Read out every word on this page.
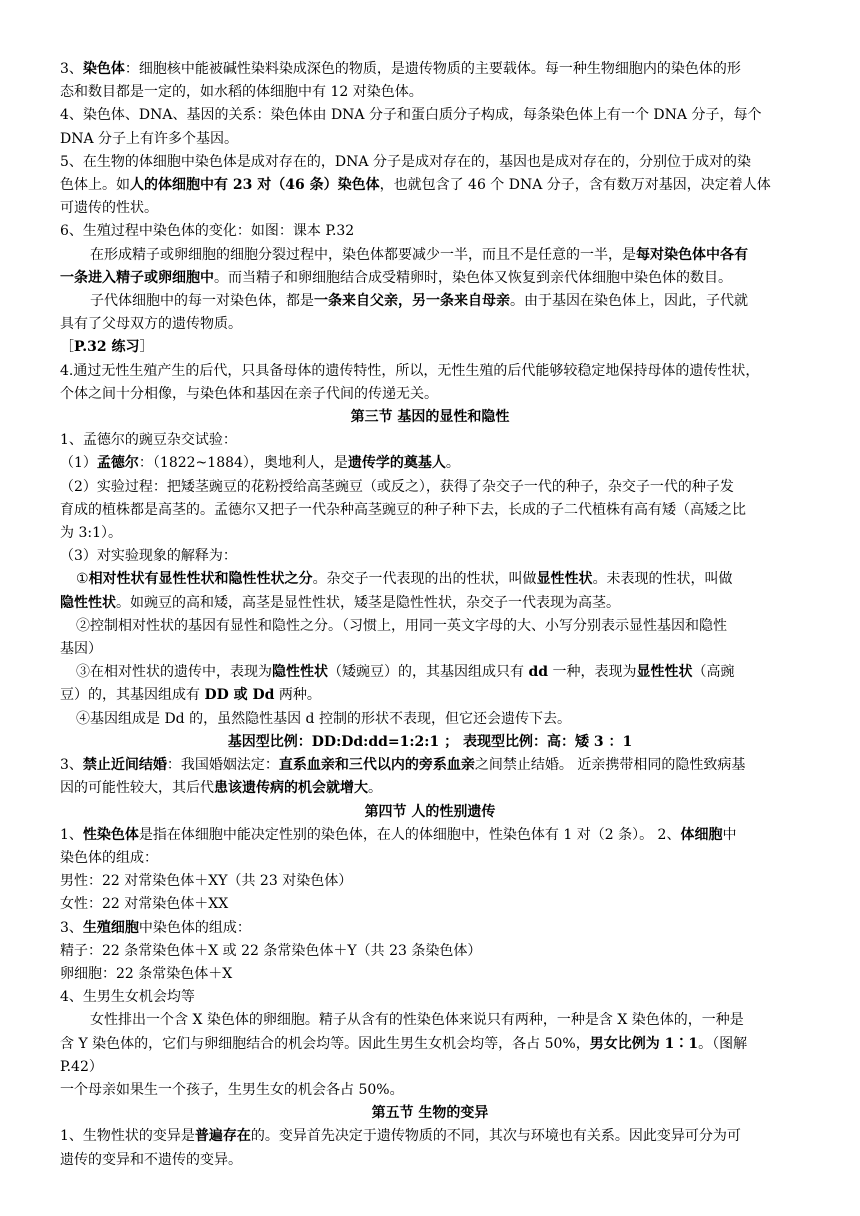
3、染色体：细胞核中能被碱性染料染成深色的物质，是遗传物质的主要载体。每一种生物细胞内的染色体的形
态和数目都是一定的，如水稻的体细胞中有 12 对染色体。
4、染色体、DNA、基因的关系：染色体由 DNA 分子和蛋白质分子构成，每条染色体上有一个 DNA 分子，每个
DNA 分子上有许多个基因。
5、在生物的体细胞中染色体是成对存在的，DNA 分子是成对存在的，基因也是成对存在的，分别位于成对的染
色体上。如人的体细胞中有 23 对（46 条）染色体，也就包含了 46 个 DNA 分子，含有数万对基因，决定着人体
可遗传的性状。
6、生殖过程中染色体的变化：如图：课本 P.32
在形成精子或卵细胞的细胞分裂过程中，染色体都要减少一半，而且不是任意的一半，是每对染色体中各有
一条进入精子或卵细胞中。而当精子和卵细胞结合成受精卵时，染色体又恢复到亲代体细胞中染色体的数目。
子代体细胞中的每一对染色体，都是一条来自父亲，另一条来自母亲。由于基因在染色体上，因此，子代就
具有了父母双方的遗传物质。
［P.32 练习］
4.通过无性生殖产生的后代，只具备母体的遗传特性，所以，无性生殖的后代能够较稳定地保持母体的遗传性状，
个体之间十分相像，与染色体和基因在亲子代间的传递无关。
第三节 基因的显性和隐性
1、孟德尔的豌豆杂交试验：
（1）孟德尔：（1822~1884），奥地利人，是遗传学的奠基人。
（2）实验过程：把矮茎豌豆的花粉授给高茎豌豆（或反之），获得了杂交子一代的种子，杂交子一代的种子发
育成的植株都是高茎的。孟德尔又把子一代杂种高茎豌豆的种子种下去，长成的子二代植株有高有矮（高矮之比
为 3:1）。
（3）对实验现象的解释为：
①相对性状有显性性状和隐性性状之分。杂交子一代表现的出的性状，叫做显性性状。未表现的性状，叫做
隐性性状。如豌豆的高和矮，高茎是显性性状，矮茎是隐性性状，杂交子一代表现为高茎。
②控制相对性状的基因有显性和隐性之分。（习惯上，用同一英文字母的大、小写分别表示显性基因和隐性
基因）
③在相对性状的遗传中，表现为隐性性状（矮豌豆）的，其基因组成只有 dd 一种，表现为显性性状（高豌
豆）的，其基因组成有 DD 或 Dd 两种。
④基因组成是 Dd 的，虽然隐性基因 d 控制的形状不表现，但它还会遗传下去。
基因型比例：DD:Dd:dd=1:2:1 ； 表现型比例：高：矮 3 ：1
3、禁止近间结婚：我国婚姻法定：直系血亲和三代以内的旁系血亲之间禁止结婚。 近亲携带相同的隐性致病基
因的可能性较大，其后代患该遗传病的机会就增大。
第四节 人的性别遗传
1、性染色体是指在体细胞中能决定性别的染色体，在人的体细胞中，性染色体有 1 对（2 条）。 2、体细胞中
染色体的组成：
男性：22 对常染色体＋XY（共 23 对染色体）
女性：22 对常染色体＋XX
3、生殖细胞中染色体的组成：
精子：22 条常染色体＋X 或 22 条常染色体＋Y（共 23 条染色体）
卵细胞：22 条常染色体＋X
4、生男生女机会均等
女性排出一个含 X 染色体的卵细胞。精子从含有的性染色体来说只有两种，一种是含 X 染色体的，一种是
含 Y 染色体的，它们与卵细胞结合的机会均等。因此生男生女机会均等，各占 50%，男女比例为 1∶1。（图解
P.42）
一个母亲如果生一个孩子，生男生女的机会各占 50%。
第五节 生物的变异
1、生物性状的变异是普遍存在的。变异首先决定于遗传物质的不同，其次与环境也有关系。因此变异可分为可
遗传的变异和不遗传的变异。
